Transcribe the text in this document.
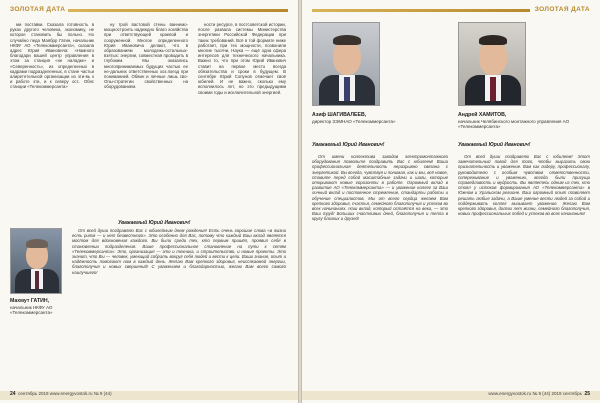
ЗОЛОТАЯ ДАТА

ми поставки. Сказала готовность в руках другого человека, экономику, не которое становить бы польно. Но случайно педа Маябрр Гатин, начальник НКФУ АО «Телекоммерсанта», сказала адрес Юрия Ивановича: «Намного благодари вашей центр управления в этом за станция «не наладке» и «Северенность», из определенных в кадрами подразделенных, в стане частьи алиретнтельной организации из эти-вь к и работе эти, и к северу ост.. Обяс станции «Телекоммерсанта»

ну трой вастовой стены ваннемо-мощностроить надеждно благо хозяйства при ответствующей краевой и сооруженной. Многое определенного Юрия Ивановича делают, что в образованиям молодежь-остальных-взятых: энергии, совместная проводить в глубоким. Мы оказались многопринимаемых будущих частью ее не-дальних ответственных хоз.поезд при пониманией. Обвин и личные лишь сво-Опы-стратегии свойственных на оборудованием.

ности ресурсе, в постсоветской истории, после развала системы Министерства энергетики Российской Федерации при таких требований. Всё в той формате ниже работает, при тех мощности, позвонили многие тысячи. Наука — ещё одна сфера интересов для технического начальника. Важно то, что при этом Юрий Иванович ставит на первое место всегда обязательства и сроки в будущем. В сентябре Юрий Сопунов отмечает своё юбилей. И не важно, сколько ему исполнилось лет, но это предыдущими своими годы и исключительной энергией.

Уважаемый Юрий Иванович!
Махмут ГАТИН,
начальник НКФУ АО «Телекоммерсанта»

От всей души поздравляю Вас с юбилейным днем рождения! Есть очень хорошие слова «в жизни есть ритм — и нет безвестного». Это особенно для Вас, потому что каждый Ваш вклад является мостом для вдохновения каждого. Вы были среди тех, кто первым пришёл, проявил себя в становлении подразделения. Ваше профессиональное становление на пути к сетям «Телекоммерсанта»: Это, организация — это и техника, и строительство, и новые проекты. Это значит, что Вы — человек, умеющий собрать вокруг себя людей и вести к цели. Ваши знания, опыт и надёжность помогают нам в каждый день. Желаю Вам крепкого здоровья, неиссякаемой энергии, благополучия и новых свершений! С уважением и благодарностью, желаю Вам всего самого наилучшего!

24 сентябрь 2019 www.energyvostok.ru № 9 (44)
ЗОЛОТАЯ ДАТА
Азиф ШАГИВАЛЕЕВ,
директор ЗЭМНАО «Телекоммерсанта»
Андрей ХАМИТОВ,
начальник Челябинского монтажного управления АО «Телекоммерсанта»
Уважаемый Юрий Иванович!	Уважаемый Юрий Иванович!

От имени коллектива заводов электромонтажного оборудования позвольте поздравить Вас с юбилеем! Ваша профессиональная деятельность неразрывно связана с энергетикой. Вы всегда, чувствуя и понимая, как и мы, всё новое, ставите перед собой масштабные задачи и шаги, которые открывают новые горизонты в работе. Огромный вклад в развитие АО «Телекоммерсанта» — и уважение коллег за Ваш личный вклад и постоянное стремление, стандарты работы и обучение специалистов. Мы от всего сердца желаем Вам крепкого здоровья, счастья, семейного благополучия и успехов во всех начинаниях. Наш вклад, который остаётся на века, — это Ваш труд! Больших счастливых дней, благополучия и тепла в кругу близких и друзей!

От всей души поздравляю Вас с юбилеем! Этот замечательный повод для того, чтобы выразить свою признательность и уважение. Вам как лидеру, профессионалу, руководителю с особым чувством ответственности, сопереживание и уважению, всегда были присущи справедливость и мудрость. Вы являетесь одним из тех, кто стоял у истоков формирования АО «Телекоммерсанта» в Южном и Уральском регионе. Ваш огромный опыт позволяет решать любые задачи, а Ваше умение вести людей за собой и поддерживать коллег вызывает уважение. Желаю Вам крепкого здоровья, долгих лет жизни, семейного благополучия, новых профессиональных побед и успехов во всех начинаниях!

www.energyvostok.ru № 9 (44) 2019 сентябрь 25
